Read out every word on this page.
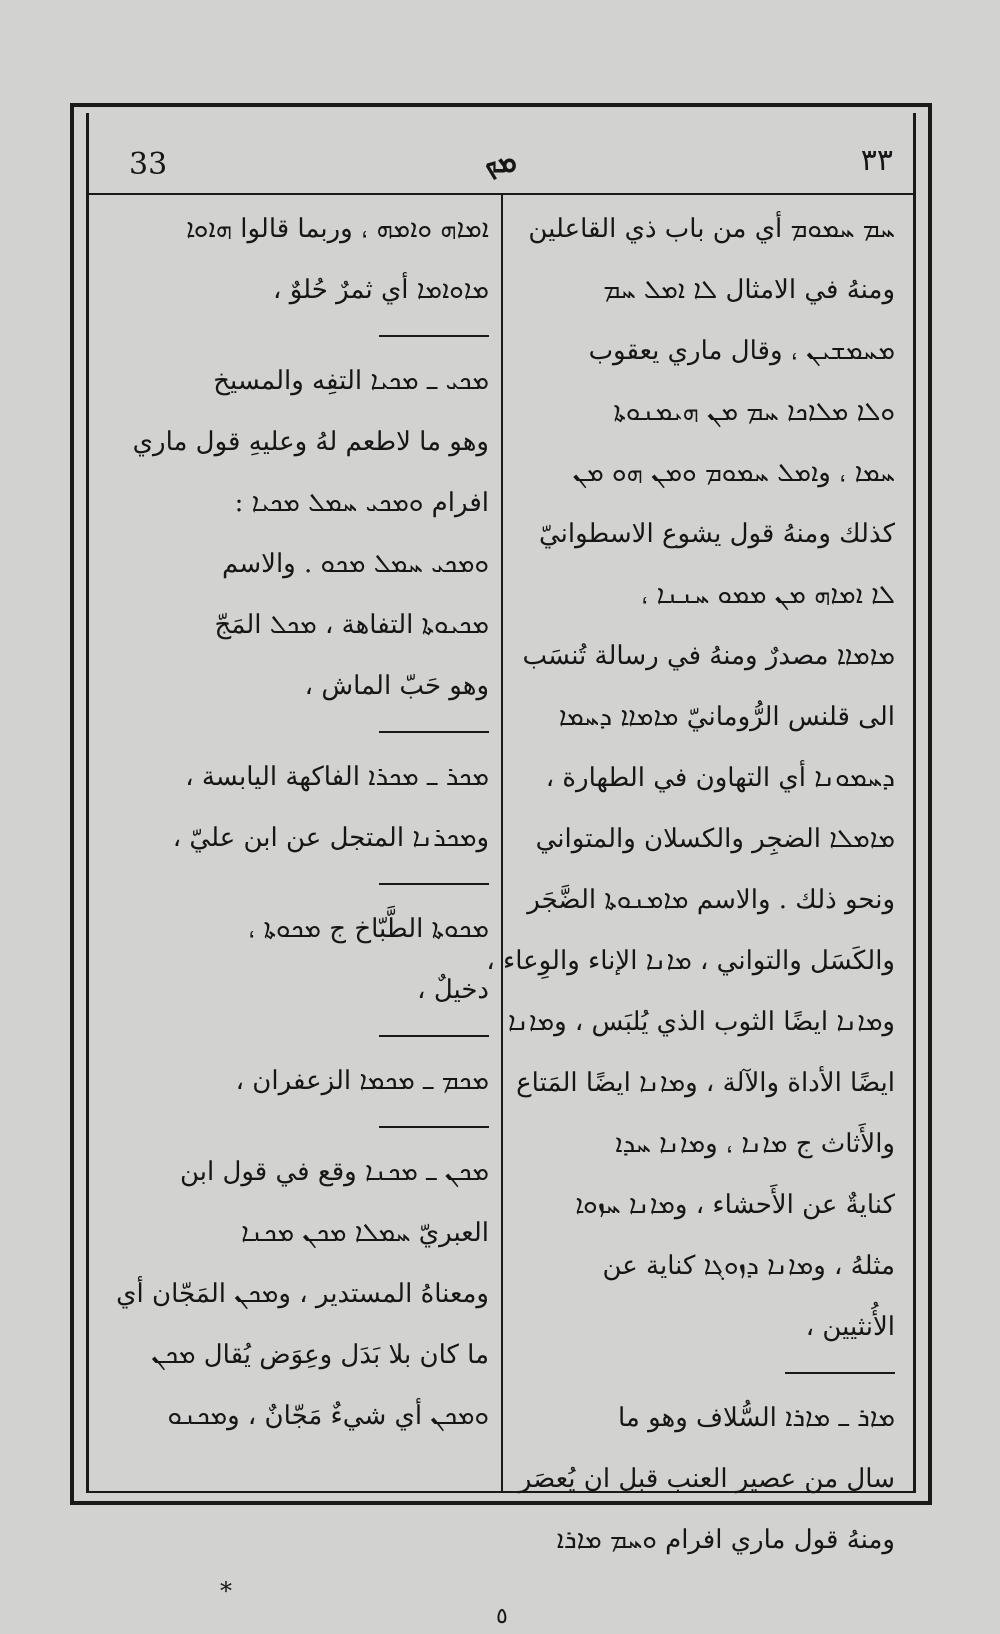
33	ܡܟ	٣٣
ܚܡ ܚܡܘܡ أي من باب ذي القاعلين
ومنهُ في الامثال ܠܐ ܐܡܠ ܚܡ
ܡܚܡܫܝܢ ، وقال ماري يعقوب
ܘܠܐ ܡܠܐܟܐ ܚܡ ܡܢ ܗܝܡܢܘܬܐ
ܚܡܐ ، وܐܡܠ ܚܡܘܡ ܘܡܢ ܗܘ ܡܢ
كذلك ومنهُ قول يشوع الاسطوانيّ
ܠܐ ܐܡܐܗ ܡܢ ܡܡܘ ܚܢܢܐ ،
ܡܐܡܐܐ مصدرٌ ومنهُ في رسالة تُنسَب
الى قلنس الرُّومانيّ ܡܐܡܐܐ ܕܚܡܐ
ܕܚܡܘܢܐ أي التهاون في الطهارة ،
ܡܐܡܠܐ الضجِر والكسلان والمتواني
ونحو ذلك . والاسم ܡܐܡܢܘܬܐ الضَّجَر
والكَسَل والتواني ، ܡܐܢܐ الإناء والوِعاء ،
وܡܐܢܐ ايضًا الثوب الذي يُلبَس ، وܡܐܢܐ
ايضًا الأداة والآلة ، وܡܐܢܐ ايضًا المَتاع
والأَثاث ج ܡܐܢܐ ، وܡܐܢܐ ܚܕܐ
كنايةٌ عن الأَحشاء ، وܡܐܢܐ ܚܙܘܐ
مثلهُ ، وܡܐܢܐ ܕܙܘܓܐ كناية عن
الأُنثيين ،
ܡܐܪ ـ ܡܐܪܐ السُّلاف وهو ما
سال من عصير العنب قبل ان يُعصَر
ومنهُ قول ماري افرام ܘܚܡ ܡܐܪܐ
ܐܡܐܗ ܘܐܡܗ ، وربما قالوا ܗܐܘܐ
ܡܐܘܐܡܐ أي ثمرٌ حُلوٌ ،
ܡܟܝ ـ ܡܟܝܐ التفِه والمسيخ
وهو ما لاطعم لهُ وعليهِ قول ماري
افرام ܘܡܟܝ ܚܡܠ ܡܟܝܐ :
ܘܡܟܝ ܚܡܠ ܡܟܘ . والاسم
ܡܟܝܘܬܐ التفاهة ، ܡܟܠ المَجّ
وهو حَبّ الماش ،
ܡܟܪ ـ ܡܟܪܐ الفاكهة اليابسة ،
وܡܟܪܢܐ المتجل عن ابن عليّ ،
ܡܟܘܬܐ الطَّبّاخ ج ܡܟܘܬܐ ،
دخيلٌ ،
ܡܟܡ ـ ܡܟܡܐ الزعفران ،
ܡܟܢ ـ ܡܟܢܐ وقع في قول ابن
العبريّ ܚܡܠܐ ܡܟܢ ܡܟܢܐ
ومعناهُ المستدير ، وܡܟܢ المَجّان أي
ما كان بلا بَدَل وعِوَض يُقال ܡܟܢ
ܘܡܟܢ أي شيءٌ مَجّانٌ ، وܡܟܢܘ
*
٥
